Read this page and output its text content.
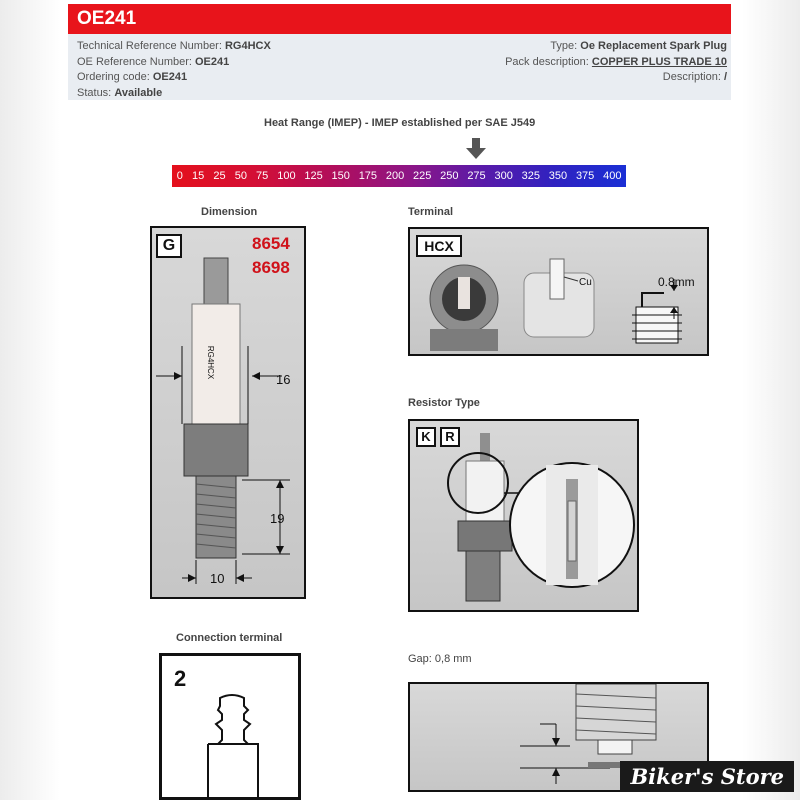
OE241
Technical Reference Number: RG4HCX
OE Reference Number: OE241
Ordering code: OE241
Status: Available
Type: Oe Replacement Spark Plug
Pack description: COPPER PLUS TRADE 10
Description: /
Heat Range (IMEP) - IMEP established per SAE J549
0 15 25 50 75 100 125 150 175 200 225 250 275 300 325 350 375 400
Dimension
G	8654
8698
RG4HCX
16
19
10
Terminal
HCX
Cu	0.8mm
Resistor Type
K	R
Connection terminal
2
Gap: 0,8 mm
Biker's Store
